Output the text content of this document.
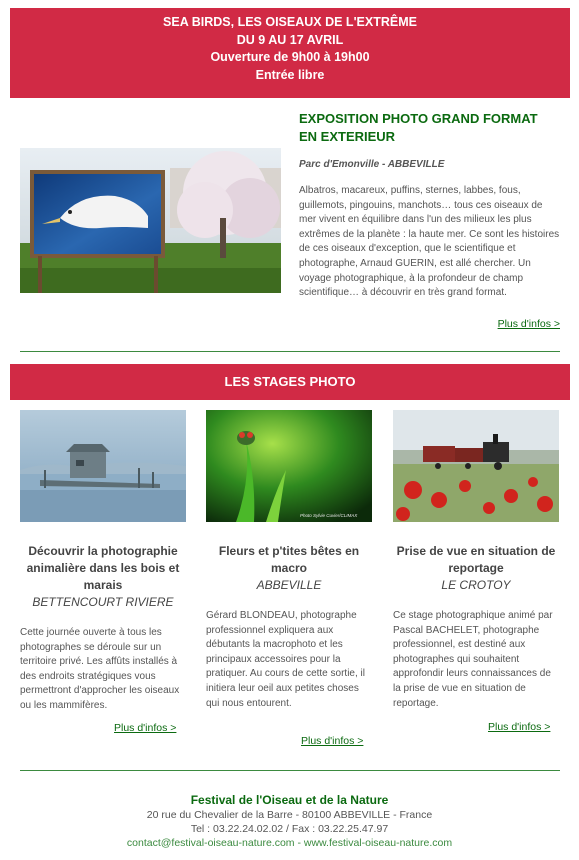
SEA BIRDS, LES OISEAUX DE L'EXTRÊME
DU 9 AU 17 AVRIL
Ouverture de 9h00 à 19h00
Entrée libre
EXPOSITION PHOTO GRAND FORMAT
EN EXTERIEUR
Parc d'Emonville - ABBEVILLE
Albatros, macareux, puffins, sternes, labbes, fous, guillemots, pingouins, manchots… tous ces oiseaux de mer vivent en équilibre dans l'un des milieux les plus extrêmes de la planète : la haute mer. Ce sont les histoires de ces oiseaux d'exception, que le scientifique et photographe, Arnaud GUERIN, est allé chercher. Un voyage photographique, à la profondeur de champ scientifique… à découvrir en très grand format.
Plus d'infos >
LES STAGES PHOTO
Découvrir la photographie animalière dans les bois et marais
BETTENCOURT RIVIERE
Cette journée ouverte à tous les photographes se déroule sur un territoire privé. Les affûts installés à des endroits stratégiques vous permettront d'approcher les oiseaux ou les mammifères.
Plus d'infos >
Photo Sylvie Cuvier/CLIMAX
Fleurs et p'tites bêtes en macro
ABBEVILLE
Gérard BLONDEAU, photographe professionnel expliquera aux débutants la macrophoto et les principaux accessoires pour la pratiquer. Au cours de cette sortie, il initiera leur oeil aux petites choses qui nous entourent.
Plus d'infos >
Prise de vue en situation de reportage
LE CROTOY
Ce stage photographique animé par Pascal BACHELET, photographe professionnel, est destiné aux photographes qui souhaitent approfondir leurs connaissances de la prise de vue en situation de reportage.
Plus d'infos >
Festival de l'Oiseau et de la Nature
20 rue du Chevalier de la Barre - 80100 ABBEVILLE - France
Tel : 03.22.24.02.02 / Fax : 03.22.25.47.97
contact@festival-oiseau-nature.com - www.festival-oiseau-nature.com
